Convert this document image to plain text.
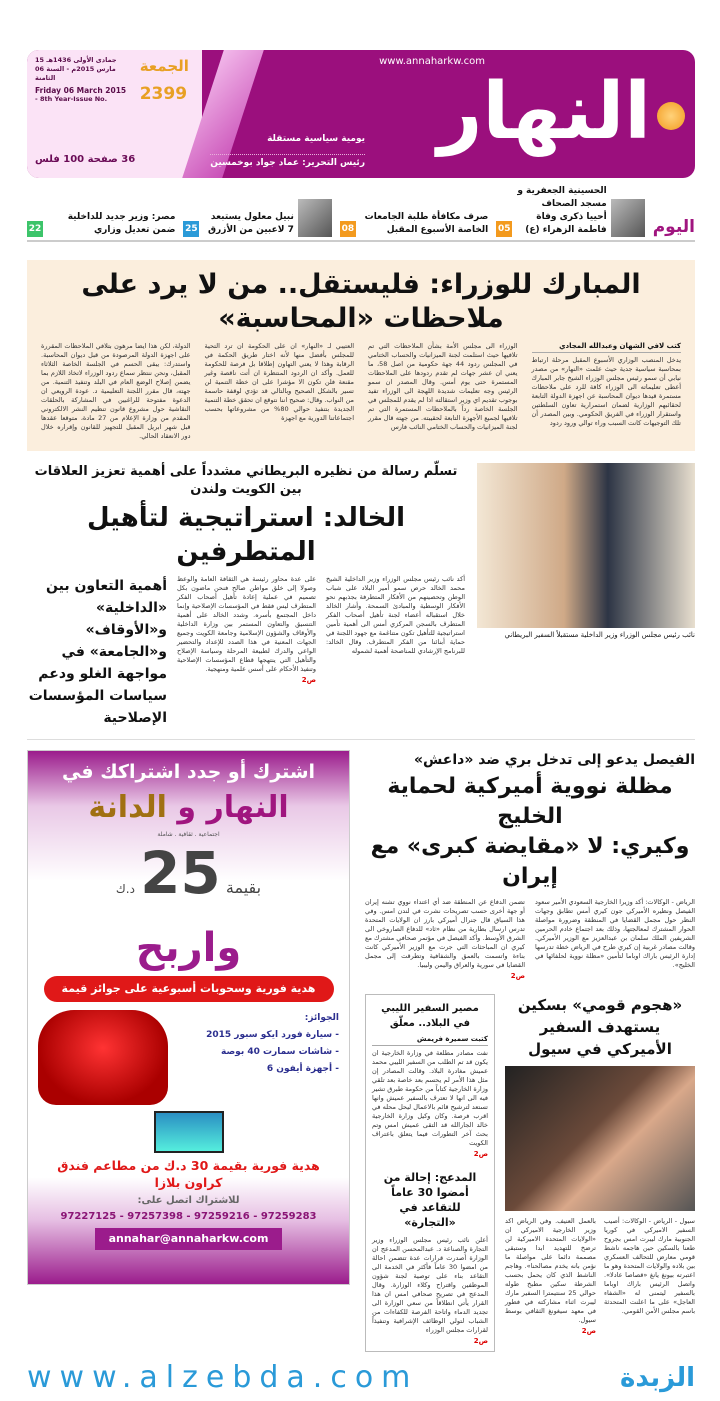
15 جمادى الأولى 1436هـ
06 مارس 2015م - السنة الثامنة
Friday 06 March 2015
- 8th Year-Issue No.
الجمعة
2399
36 صفحة 100 فلس
www.annaharkw.com
النهار
يومية سياسية مستقلة
رئيس التحرير: عماد جواد بوخمسين
اليوم
الحسينية الجعفرية و مسجد الصحاف
أحييا ذكرى وفاة فاطمة الزهراء (ع)
05
صرف مكافأة طلبة الجامعات
الخاصة الأسبوع المقبل
08
نبيل معلول يستبعد
7 لاعبين من الأزرق
25
مصر: وزير جديد للداخلية
ضمن تعديل وزاري
22
المبارك للوزراء: فليستقل.. من لا يرد على ملاحظات «المحاسبة»
كتب لافي الشهان وعبدالله المجادي
يدخل المنصب الوزاري الأسبوع المقبل مرحلة ارتباط بمحاسبة سياسية جدية حيث علمت «النهار» من مصدر نيابي أن سمو رئيس مجلس الوزراء الشيخ جابر المبارك أعطى تعليماته الى الوزراء كافة للرد على ملاحظات مستمرة قيدها ديوان المحاسبة عن اجهزة الدولة التابعة لحقائبهم الوزارية لضمان استمرارية تعاون السلطتين واستقرار الوزراء في الفريق الحكومي. وبين المصدر أن تلك التوجيهات كانت السبب وراء توالي ورود ردود
الوزراء الى مجلس الأمة بشأن الملاحظات التي تم تلافيها حيث استلمت لجنة الميزانيات والحساب الختامي في المجلس ردود 44 جهة حكومية من اصل 58، ما يعني ان عشر جهات لم تقدم ردودها على الملاحظات المستمرة حتى يوم أمس. وقال المصدر ان سمو الرئيس وجه تعليمات شديدة اللهجة الى الوزراء تفيد بوجوب تقديم اي وزير استقالته اذا لم يقدم للمجلس في الجلسة الخاصة رداً بالملاحظات المستمرة التي تم تلافيها لجميع الأجهزة التابعة لحقيبته. من جهته قال مقرر لجنة الميزانيات والحساب الختامي النائب فارس
العتيبي لـ «النهار» ان على الحكومة ان ترد التحية للمجلس بأفضل منها لأنه اختار طريق الحكمة في الرقابة وهذا لا يعني التهاون إطلاقا بل فرصة للحكومة للعمل. وأكد ان الردود المنتظرة ان أتت ناقصة وغير مقنعة فلن تكون الا مؤشرا على ان خطة التنمية لن تسير بالشكل الصحيح وبالتالي قد تؤدي لوقفة حاسمة من النواب. وقال: صحيح اننا نتوقع ان تحقق خطة التنمية الجديدة بتنفيذ حوالي 80% من مشروعاتها بحسب اجتماعاتنا الدورية مع اجهزة
الدولة، لكن هذا ايضا مرهون بتلافي الملاحظات المقررة على اجهزة الدولة المرصودة من قبل ديوان المحاسبة. واستدرك: يبقى الحسم في الجلسة الخاصة الثلاثاء المقبل، ونحن ننتظر سماع ردود الوزراء لاتخاذ اللازم بما يضمن إصلاح الوضع العام في البلد وتنفيذ التنمية. من جهته، قال مقرر اللجنة التعليمية د. عودة الرويعي ان الدعوة مفتوحة للراغبين في المشاركة بالحلقات النقاشية حول مشروع قانون تنظيم النشر الالكتروني المقدم من وزارة الإعلام من 27 مادة، متوقعا عقدها قبل شهر ابريل المقبل للتجهيز للقانون وإقراره خلال دور الانعقاد الحالي.
تسلّم رسالة من نظيره البريطاني مشدداً على أهمية تعزيز العلاقات بين الكويت ولندن
الخالد: استراتيجية لتأهيل المتطرفين
أكد نائب رئيس مجلس الوزراء وزير الداخلية الشيخ محمد الخالد حرص سمو أمير البلاد على شباب الوطن وتحصينهم من الأفكار المتطرفة بجذبهم نحو الأفكار الوسطية والمبادئ السمحة. وأشار الخالد خلال استقباله أعضاء لجنة تأهيل أصحاب الفكر المتطرف بالسجن المركزي أمس الى أهمية تأمين استراتيجية للتأهيل تكون متناغمة مع جهود اللجنة في حماية أبنائنا من الفكر المتطرف. وقال الخالد: للبرنامج الإرشادي للمناصحة أهمية لشموله
على عدة محاور رئيسة هي الثقافة العامة والوعظ وصولا إلى خلق مواطن صالح فنحن ماضون بكل تصميم في عملية إعادة تأهيل أصحاب الفكر المتطرف ليس فقط في المؤسسات الإصلاحية وإنما داخل المجتمع بأسره. وشدد الخالد على أهمية التنسيق والتعاون المستمر بين وزارة الداخلية والأوقاف والشؤون الإسلامية وجامعة الكويت وجميع الجهات المعنية في هذا الصدد للإعداد والتحضير الواعي والدرك لطبيعة المرحلة وسياسة الإصلاح والتأهيل التي ينتهجها قطاع المؤسسات الإصلاحية وتنفيذ الأحكام على أسس علمية ومنهجية.
ص2
أهمية التعاون بين «الداخلية» و«الأوقاف» و«الجامعة» في مواجهة الغلو ودعم سياسات المؤسسات الإصلاحية
نائب رئيس مجلس الوزراء وزير الداخلية مستقبلاً السفير البريطاني
اشترك أو جدد اشتراكك في
النهار و الدانة
اجتماعية . ثقافية . شاملة
بقيمة 25 د.ك
واربح
هدية فورية وسحوبات أسبوعية على جوائز قيمة
الجوائز:
- سيارة فورد ايكو سبور 2015
- شاشات سمارت 40 بوصة
- أجهزة أيفون 6
هدية فورية بقيمة 30 د.ك من مطاعم فندق كراون بلازا
للاشتراك اتصل على:
97227125 - 97257398 - 97259216 - 97259283
annahar@annaharkw.com
الفيصل يدعو إلى تدخل بري ضد «داعش»
مظلة نووية أميركية لحماية الخليج
وكيري: لا «مقايضة كبرى» مع إيران
الرياض - الوكالات: أكد وزيرا الخارجية السعودي الأمير سعود الفيصل ونظيره الأميركي جون كيري أمس تطابق وجهات النظر حول مجمل القضايا في المنطقة وضرورة مواصلة الحوار المشترك لمعالجتها، وذلك بعد اجتماع خادم الحرمين الشريفين الملك سلمان بن عبدالعزيز مع الوزير الأميركي. وقالت مصادر غربية إن كيري طرح في الرياض خطة تدرسها إدارة الرئيس باراك اوباما لتأمين «مظلة نووية لحلفائها في الخليج».
تضمن الدفاع عن المنطقة ضد أي اعتداء نووي تشنه إيران أو جهة أخرى حسب تصريحات نشرت في لندن امس. وفي هذا السياق قال جنرال أميركي بارز ان الولايات المتحدة تدرس ارسال بطارية من نظام «ثاد» للدفاع الصاروخي الى الشرق الأوسط. وأكد الفيصل في مؤتمر صحافي مشترك مع كيري ان المباحثات التي جرت مع الوزير الأميركي كانت بناءة واتسمت بالعمق والشفافية وتطرقت إلى مجمل القضايا في سورية والعراق واليمن وليبيا.
ص2
مصير السفير الليبي في البلاد.. معلّق
كتبت سميرة فريمش
نفت مصادر مطلعة في وزارة الخارجية ان يكون قد تم الطلب من السفير الليبي محمد عميش مغادرة البلاد. وقالت المصادر إن مثل هذا الأمر لم يحسم بعد خاصة بعد تلقي وزارة الخارجية كتاباً من حكومة طبرق تشير فيه الى انها لا تعترف بالسفير عميش وانها تستعد لترشيح قائم بالاعمال ليحل محله في اقرب فرصة. وكان وكيل وزارة الخارجية خالد الجارالله قد التقى عميش امس وتم بحث آخر التطورات فيما يتعلق باعتراف الكويت
ص2
المدعج: إحالة من أمضوا 30 عاماً للتقاعد في «التجارة»
أعلن نائب رئيس مجلس الوزراء وزير التجارة والصناعة د. عبدالمحسن المدعج ان الوزارة أصدرت قرارات عدة تتضمن احالة من امضوا 30 عاماً فأكثر في الخدمة الى التقاعد بناء على توصية لجنة شؤون الموظفين واقتراح وكلاء الوزارة. وقال المدعج في تصريح صحافي امس ان هذا القرار يأتي انطلاقاً من سعي الوزارة الى تجديد الدماء واتاحة الفرصة للكفاءات من الشباب لتولي الوظائف الإشرافية وتنفيذاً لقرارات مجلس الوزراء
ص2
«هجوم قومي» بسكين يستهدف السفير الأميركي في سيول
سيول - الرياض - الوكالات: أصيب السفير الاميركي في كوريا الجنوبية مارك ليبرت امس بجروح طعنا بالسكين حين هاجمه ناشط قومي معارض للتحالف العسكري بين بلاده والولايات المتحدة وهو ما اعتبرته بيونغ يانغ «قصاصا عادلا». واتصل الرئيس باراك اوباما بالسفير ليتمنى له «الشفاء العاجل» على ما اعلنت المتحدثة باسم مجلس الأمن القومي.
بالعمل العنيف. وفي الرياض اكد وزير الخارجية الاميركي ان «الولايات المتحدة الاميركية لن ترضخ للتهديد ابدا وستبقى مصممة دائما على مواصلة ما نؤمن بانه يخدم مصالحنا». وهاجم الناشط الذي كان يحمل بحسب الشرطة سكين مطبخ طوله حوالي 25 سنتيمترا السفير مارك ليبرت اثناء مشاركته في فطور في معهد سيغونغ الثقافي بوسط سيول.
ص2
www.alzebda.com	الزبدة
